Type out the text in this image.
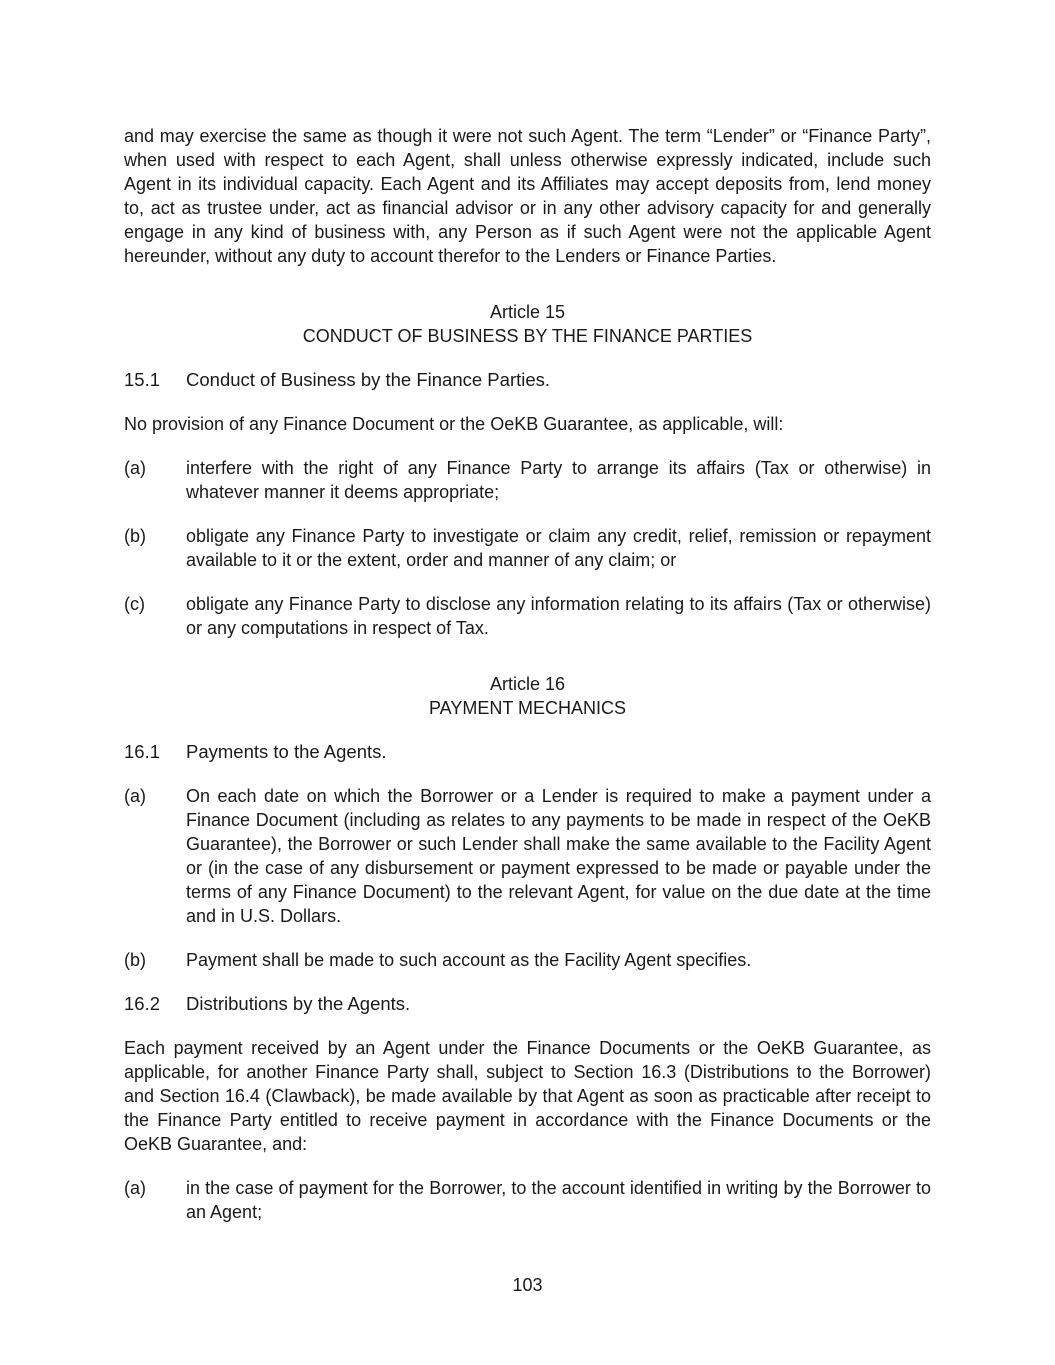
and may exercise the same as though it were not such Agent. The term “Lender” or “Finance Party”, when used with respect to each Agent, shall unless otherwise expressly indicated, include such Agent in its individual capacity. Each Agent and its Affiliates may accept deposits from, lend money to, act as trustee under, act as financial advisor or in any other advisory capacity for and generally engage in any kind of business with, any Person as if such Agent were not the applicable Agent hereunder, without any duty to account therefor to the Lenders or Finance Parties.

Article 15

CONDUCT OF BUSINESS BY THE FINANCE PARTIES

15.1	Conduct of Business by the Finance Parties.

No provision of any Finance Document or the OeKB Guarantee, as applicable, will:

(a)	interfere with the right of any Finance Party to arrange its affairs (Tax or otherwise) in whatever manner it deems appropriate;
(b)	obligate any Finance Party to investigate or claim any credit, relief, remission or repayment available to it or the extent, order and manner of any claim; or
(c)	obligate any Finance Party to disclose any information relating to its affairs (Tax or otherwise) or any computations in respect of Tax.

Article 16

PAYMENT MECHANICS

16.1	Payments to the Agents.
(a)	On each date on which the Borrower or a Lender is required to make a payment under a Finance Document (including as relates to any payments to be made in respect of the OeKB Guarantee), the Borrower or such Lender shall make the same available to the Facility Agent or (in the case of any disbursement or payment expressed to be made or payable under the terms of any Finance Document) to the relevant Agent, for value on the due date at the time and in U.S. Dollars.
(b)	Payment shall be made to such account as the Facility Agent specifies.
16.2	Distributions by the Agents.

Each payment received by an Agent under the Finance Documents or the OeKB Guarantee, as applicable, for another Finance Party shall, subject to Section 16.3 (Distributions to the Borrower) and Section 16.4 (Clawback), be made available by that Agent as soon as practicable after receipt to the Finance Party entitled to receive payment in accordance with the Finance Documents or the OeKB Guarantee, and:

(a)	in the case of payment for the Borrower, to the account identified in writing by the Borrower to an Agent;
103
